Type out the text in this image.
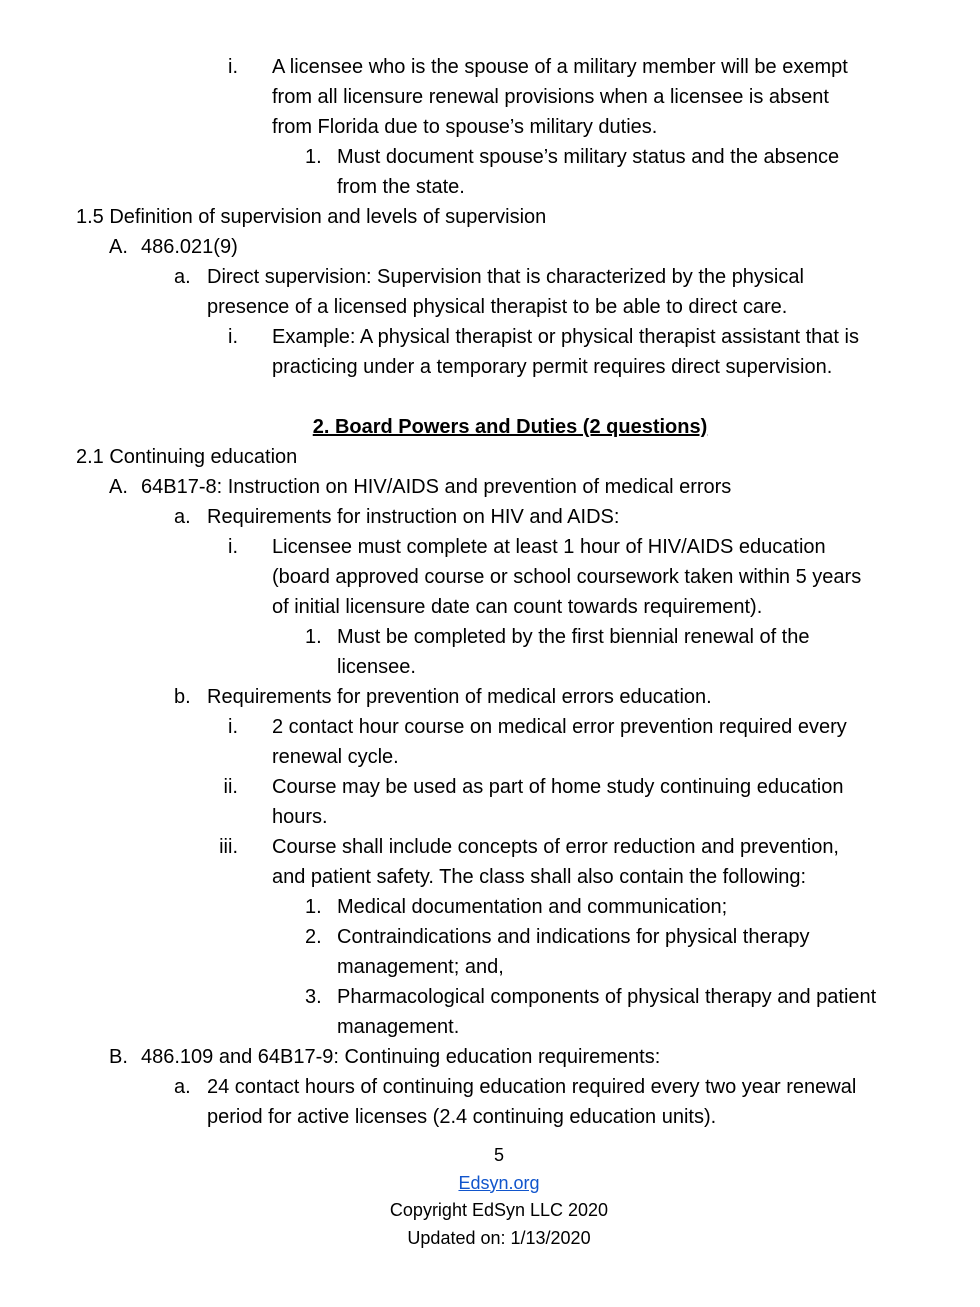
i. A licensee who is the spouse of a military member will be exempt
from all licensure renewal provisions when a licensee is absent
from Florida due to spouse’s military duties.
1. Must document spouse’s military status and the absence
from the state.
1.5 Definition of supervision and levels of supervision
A. 486.021(9)
a. Direct supervision: Supervision that is characterized by the physical
presence of a licensed physical therapist to be able to direct care.
i. Example: A physical therapist or physical therapist assistant that is
practicing under a temporary permit requires direct supervision.
2. Board Powers and Duties (2 questions)
2.1 Continuing education
A. 64B17-8: Instruction on HIV/AIDS and prevention of medical errors
a. Requirements for instruction on HIV and AIDS:
i. Licensee must complete at least 1 hour of HIV/AIDS education
(board approved course or school coursework taken within 5 years
of initial licensure date can count towards requirement).
1. Must be completed by the first biennial renewal of the
licensee.
b. Requirements for prevention of medical errors education.
i. 2 contact hour course on medical error prevention required every
renewal cycle.
ii. Course may be used as part of home study continuing education
hours.
iii. Course shall include concepts of error reduction and prevention,
and patient safety. The class shall also contain the following:
1. Medical documentation and communication;
2. Contraindications and indications for physical therapy
management; and,
3. Pharmacological components of physical therapy and patient
management.
B. 486.109 and 64B17-9: Continuing education requirements:
a. 24 contact hours of continuing education required every two year renewal
period for active licenses (2.4 continuing education units).
5
Edsyn.org
Copyright EdSyn LLC 2020
Updated on: 1/13/2020
